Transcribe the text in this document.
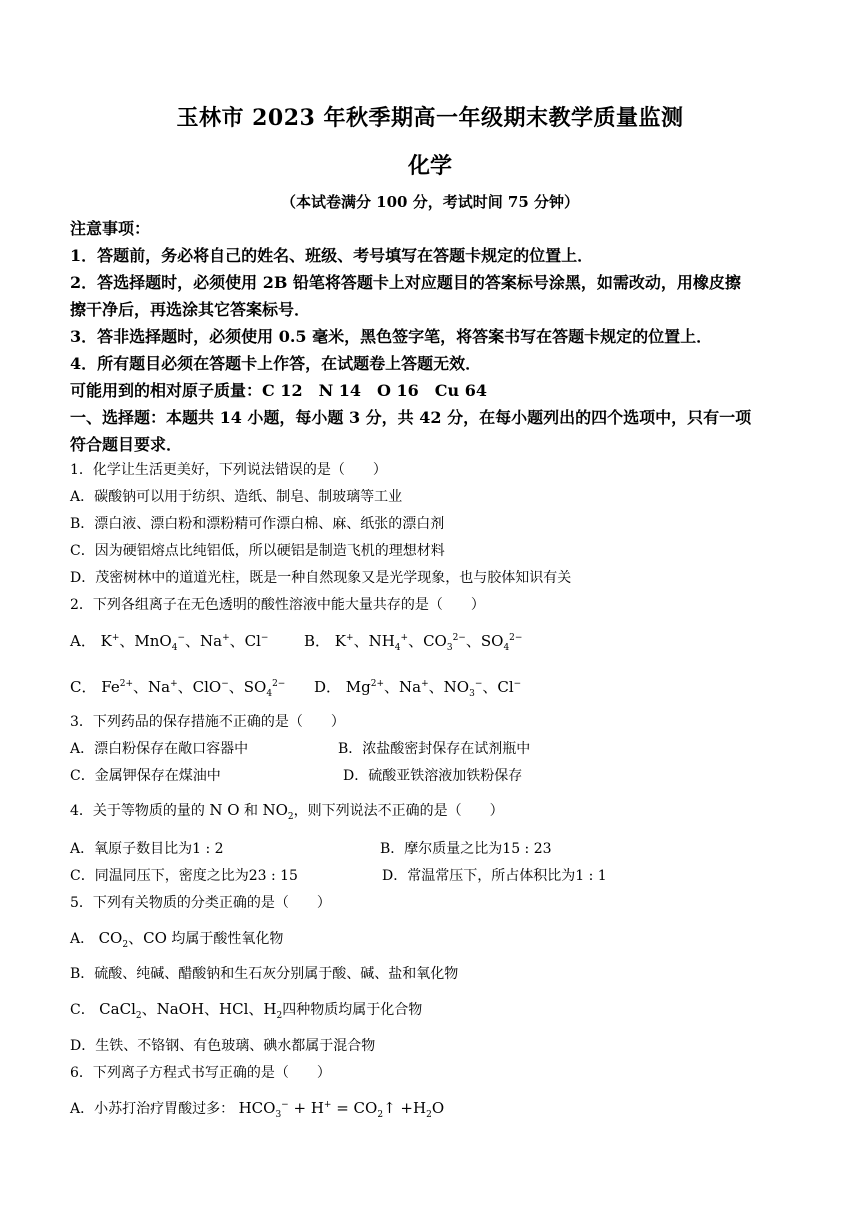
玉林市 2023 年秋季期高一年级期末教学质量监测
化学
（本试卷满分 100 分，考试时间 75 分钟）
注意事项：
1．答题前，务必将自己的姓名、班级、考号填写在答题卡规定的位置上．
2．答选择题时，必须使用 2B 铅笔将答题卡上对应题目的答案标号涂黑，如需改动，用橡皮擦
擦干净后，再选涂其它答案标号．
3．答非选择题时，必须使用 0.5 毫米，黑色签字笔，将答案书写在答题卡规定的位置上．
4．所有题目必须在答题卡上作答，在试题卷上答题无效．
可能用到的相对原子质量：C 12　N 14　O 16　Cu 64
一、选择题：本题共 14 小题，每小题 3 分，共 42 分，在每小题列出的四个选项中，只有一项
符合题目要求．
1．化学让生活更美好，下列说法错误的是（　　）
A．碳酸钠可以用于纺织、造纸、制皂、制玻璃等工业
B．漂白液、漂白粉和漂粉精可作漂白棉、麻、纸张的漂白剂
C．因为硬铝熔点比纯铝低，所以硬铝是制造飞机的理想材料
D．茂密树林中的道道光柱，既是一种自然现象又是光学现象，也与胶体知识有关
2．下列各组离子在无色透明的酸性溶液中能大量共存的是（　　）
A． K+、MnO$_4$−、Na+、Cl− B． K+、$NH_4^+$、$CO_3^{2-}$、$SO_4^{2-}$
C． $Fe^{2+}$、Na+、ClO−、$SO_4^{2-}$ D． $Mg^{2+}$、Na+、$NO_3^-$、Cl−
3．下列药品的保存措施不正确的是（　　）
A．漂白粉保存在敞口容器中	B．浓盐酸密封保存在试剂瓶中
C．金属钾保存在煤油中	D．硫酸亚铁溶液加铁粉保存
4．关于等物质的量的 N O 和 $NO_2$，则下列说法不正确的是（　　）
A．氧原子数目比为1 : 2	B．摩尔质量之比为15 : 23
C．同温同压下，密度之比为23 : 15	D．常温常压下，所占体积比为1 : 1
5．下列有关物质的分类正确的是（　　）
A． $CO_2$、CO 均属于酸性氧化物
B．硫酸、纯碱、醋酸钠和生石灰分别属于酸、碱、盐和氧化物
C． CaCl$_2$、NaOH、HCl、$H_2$四种物质均属于化合物
D．生铁、不铬钢、有色玻璃、碘水都属于混合物
6．下列离子方程式书写正确的是（　　）
A．小苏打治疗胃酸过多： $HCO_3^- + H^+$ = $CO_2↑ +H_2O$
